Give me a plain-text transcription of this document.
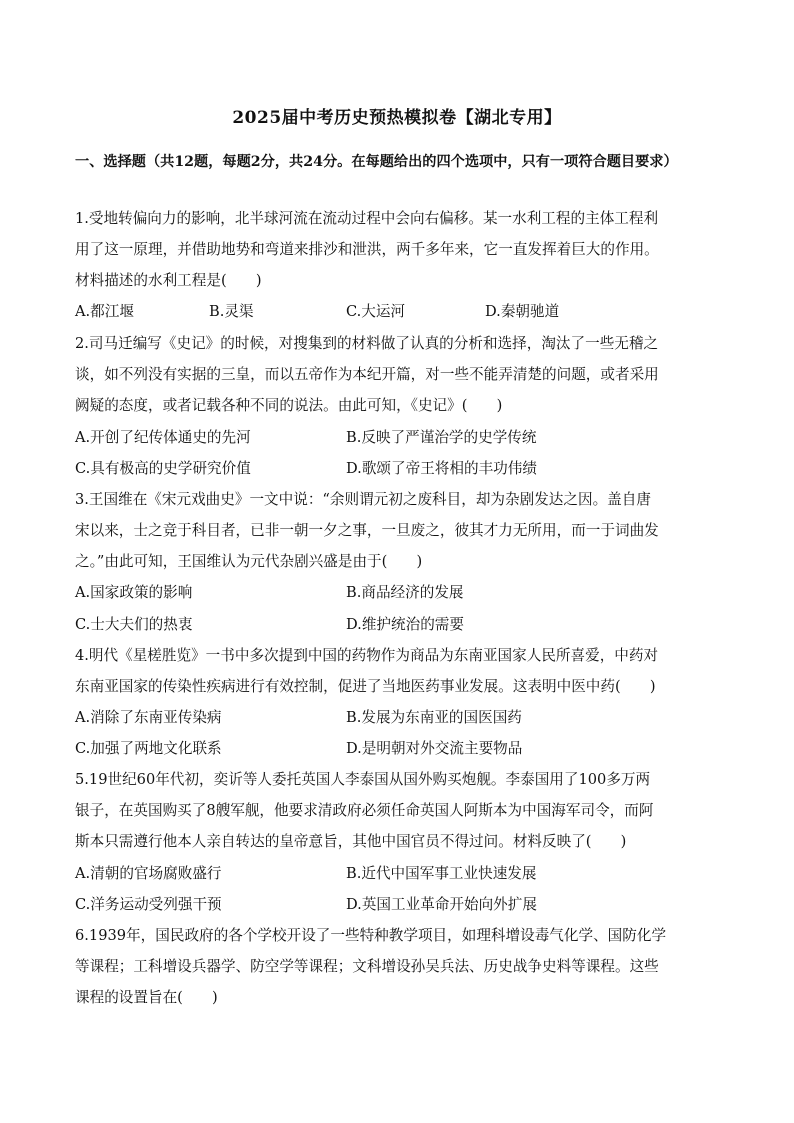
2025届中考历史预热模拟卷【湖北专用】
一、选择题（共12题，每题2分，共24分。在每题给出的四个选项中，只有一项符合题目要求）
1.受地转偏向力的影响，北半球河流在流动过程中会向右偏移。某一水利工程的主体工程利
用了这一原理，并借助地势和弯道来排沙和泄洪，两千多年来，它一直发挥着巨大的作用。
材料描述的水利工程是(　　)
A.都江堰	B.灵渠	C.大运河	D.秦朝驰道
2.司马迁编写《史记》的时候，对搜集到的材料做了认真的分析和选择，淘汰了一些无稽之
谈，如不列没有实据的三皇，而以五帝作为本纪开篇，对一些不能弄清楚的问题，或者采用
阙疑的态度，或者记载各种不同的说法。由此可知，《史记》(　　)
A.开创了纪传体通史的先河	B.反映了严谨治学的史学传统
C.具有极高的史学研究价值	D.歌颂了帝王将相的丰功伟绩
3.王国维在《宋元戏曲史》一文中说：“余则谓元初之废科目，却为杂剧发达之因。盖自唐
宋以来，士之竞于科目者，已非一朝一夕之事，一旦废之，彼其才力无所用，而一于词曲发
之。”由此可知，王国维认为元代杂剧兴盛是由于(　　)
A.国家政策的影响	B.商品经济的发展
C.士大夫们的热衷	D.维护统治的需要
4.明代《星槎胜览》一书中多次提到中国的药物作为商品为东南亚国家人民所喜爱，中药对
东南亚国家的传染性疾病进行有效控制，促进了当地医药事业发展。这表明中医中药(　　)
A.消除了东南亚传染病	B.发展为东南亚的国医国药
C.加强了两地文化联系	D.是明朝对外交流主要物品
5.19世纪60年代初，奕䜣等人委托英国人李泰国从国外购买炮舰。李泰国用了100多万两
银子，在英国购买了8艘军舰，他要求清政府必须任命英国人阿斯本为中国海军司令，而阿
斯本只需遵行他本人亲自转达的皇帝意旨，其他中国官员不得过问。材料反映了(　　)
A.清朝的官场腐败盛行	B.近代中国军事工业快速发展
C.洋务运动受列强干预	D.英国工业革命开始向外扩展
6.1939年，国民政府的各个学校开设了一些特种教学项目，如理科增设毒气化学、国防化学
等课程；工科增设兵器学、防空学等课程；文科增设孙吴兵法、历史战争史料等课程。这些
课程的设置旨在(　　)
